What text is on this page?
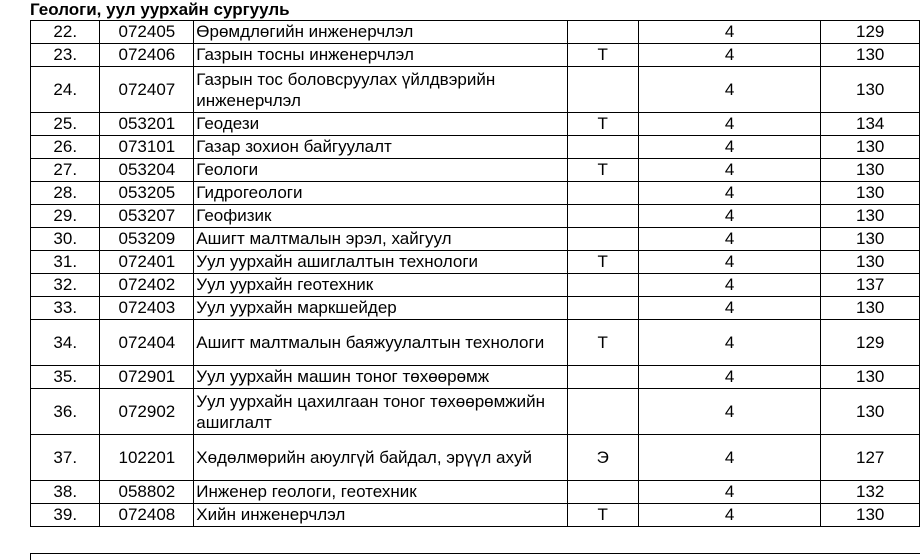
Геологи, уул уурхайн сургууль
22.	072405	Өрөмдлөгийн инженерчлэл		4	129
23.	072406	Газрын тосны инженерчлэл	Т	4	130
24.	072407	Газрын тос боловсруулах үйлдвэрийн инженерчлэл		4	130
25.	053201	Геодези	Т	4	134
26.	073101	Газар зохион байгуулалт		4	130
27.	053204	Геологи	Т	4	130
28.	053205	Гидрогеологи		4	130
29.	053207	Геофизик		4	130
30.	053209	Ашигт малтмалын эрэл, хайгуул		4	130
31.	072401	Уул уурхайн ашиглалтын технологи	Т	4	130
32.	072402	Уул уурхайн геотехник		4	137
33.	072403	Уул уурхайн маркшейдер		4	130
34.	072404	Ашигт малтмалын баяжуулалтын технологи	Т	4	129
35.	072901	Уул уурхайн машин тоног төхөөрөмж		4	130
36.	072902	Уул уурхайн цахилгаан тоног төхөөрөмжийн ашиглалт		4	130
37.	102201	Хөдөлмөрийн аюулгүй байдал, эрүүл ахуй	Э	4	127
38.	058802	Инженер геологи, геотехник		4	132
39.	072408	Хийн инженерчлэл	Т	4	130
